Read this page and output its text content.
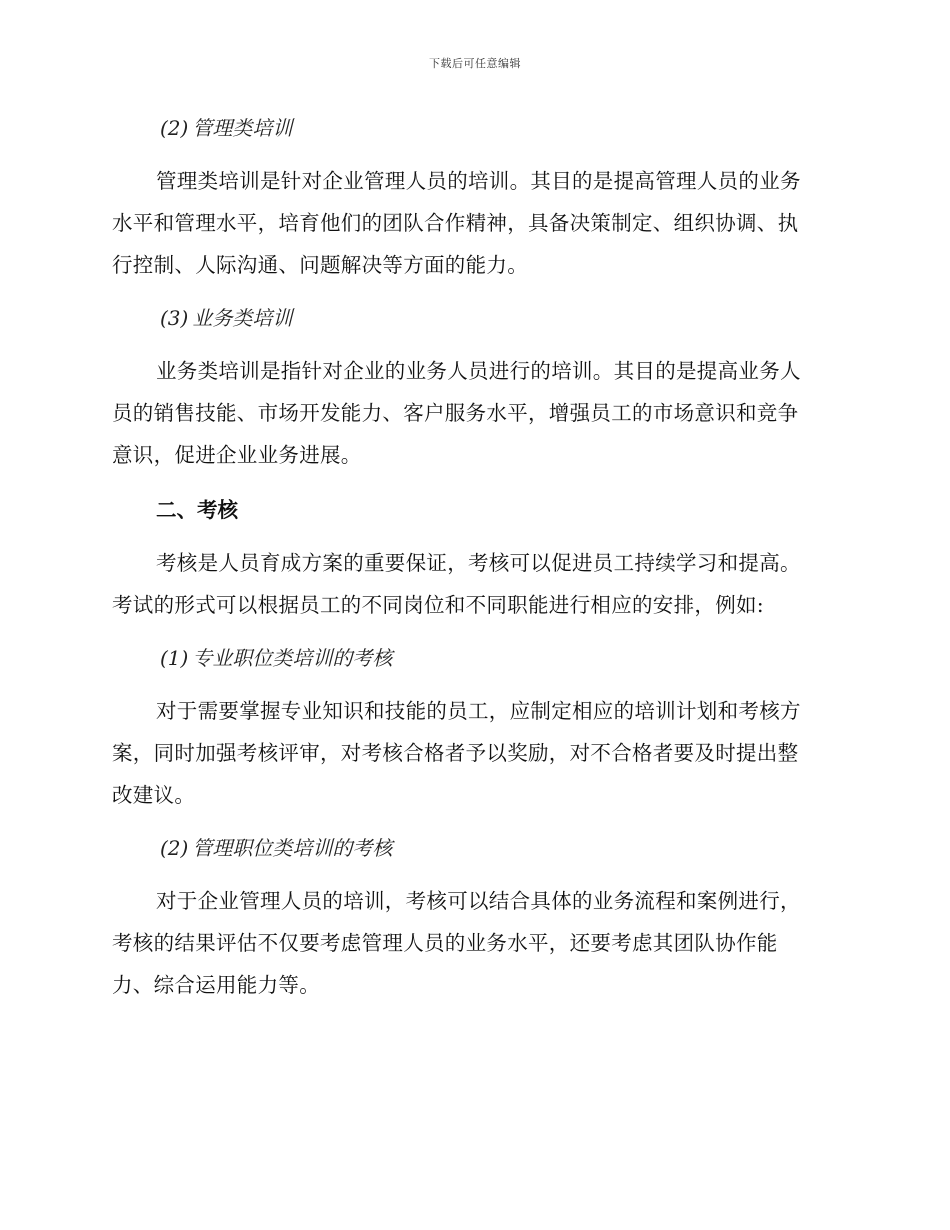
下载后可任意编辑
(2) 管理类培训
管理类培训是针对企业管理人员的培训。其目的是提高管理人员的业务
水平和管理水平，培育他们的团队合作精神，具备决策制定、组织协调、执
行控制、人际沟通、问题解决等方面的能力。
(3) 业务类培训
业务类培训是指针对企业的业务人员进行的培训。其目的是提高业务人
员的销售技能、市场开发能力、客户服务水平，增强员工的市场意识和竞争
意识，促进企业业务进展。
二、考核
考核是人员育成方案的重要保证，考核可以促进员工持续学习和提高。
考试的形式可以根据员工的不同岗位和不同职能进行相应的安排，例如:
(1) 专业职位类培训的考核
对于需要掌握专业知识和技能的员工，应制定相应的培训计划和考核方
案，同时加强考核评审，对考核合格者予以奖励，对不合格者要及时提出整
改建议。
(2) 管理职位类培训的考核
对于企业管理人员的培训，考核可以结合具体的业务流程和案例进行，
考核的结果评估不仅要考虑管理人员的业务水平，还要考虑其团队协作能
力、综合运用能力等。
